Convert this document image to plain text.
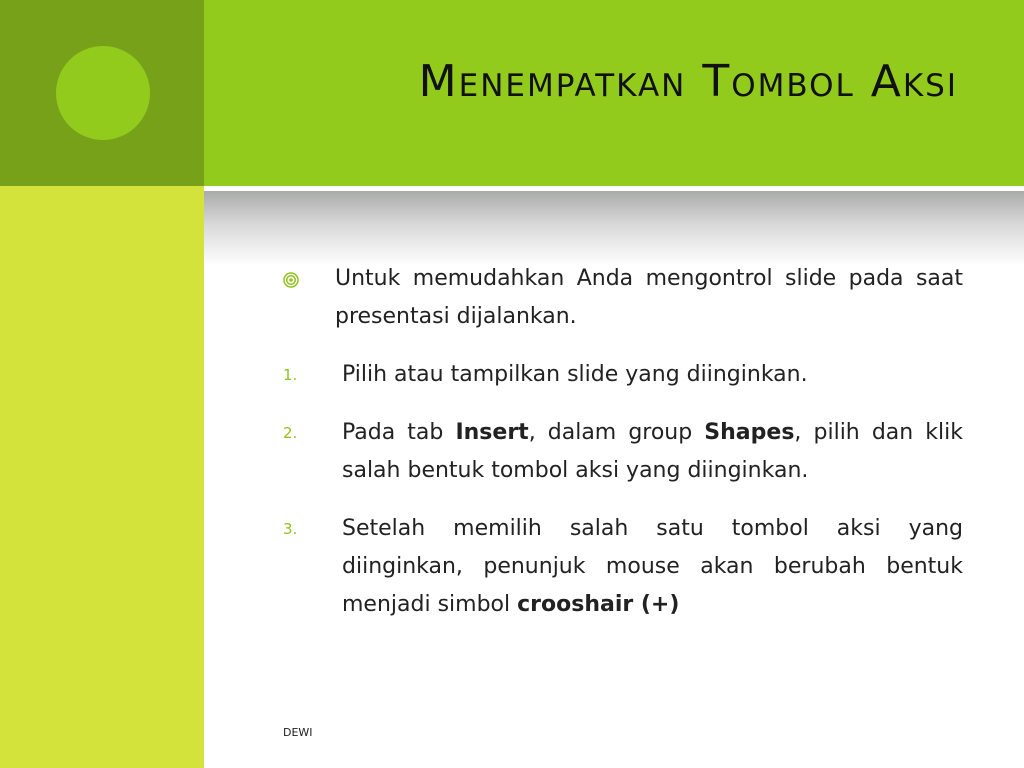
Menempatkan Tombol Aksi
Untuk memudahkan Anda mengontrol slide pada saat presentasi dijalankan.
1.	Pilih atau tampilkan slide yang diinginkan.
2.	Pada tab Insert, dalam group Shapes, pilih dan klik salah bentuk tombol aksi yang diinginkan.
3.	Setelah memilih salah satu tombol aksi yang diinginkan, penunjuk mouse akan berubah bentuk menjadi simbol crooshair (+)
DEWI
